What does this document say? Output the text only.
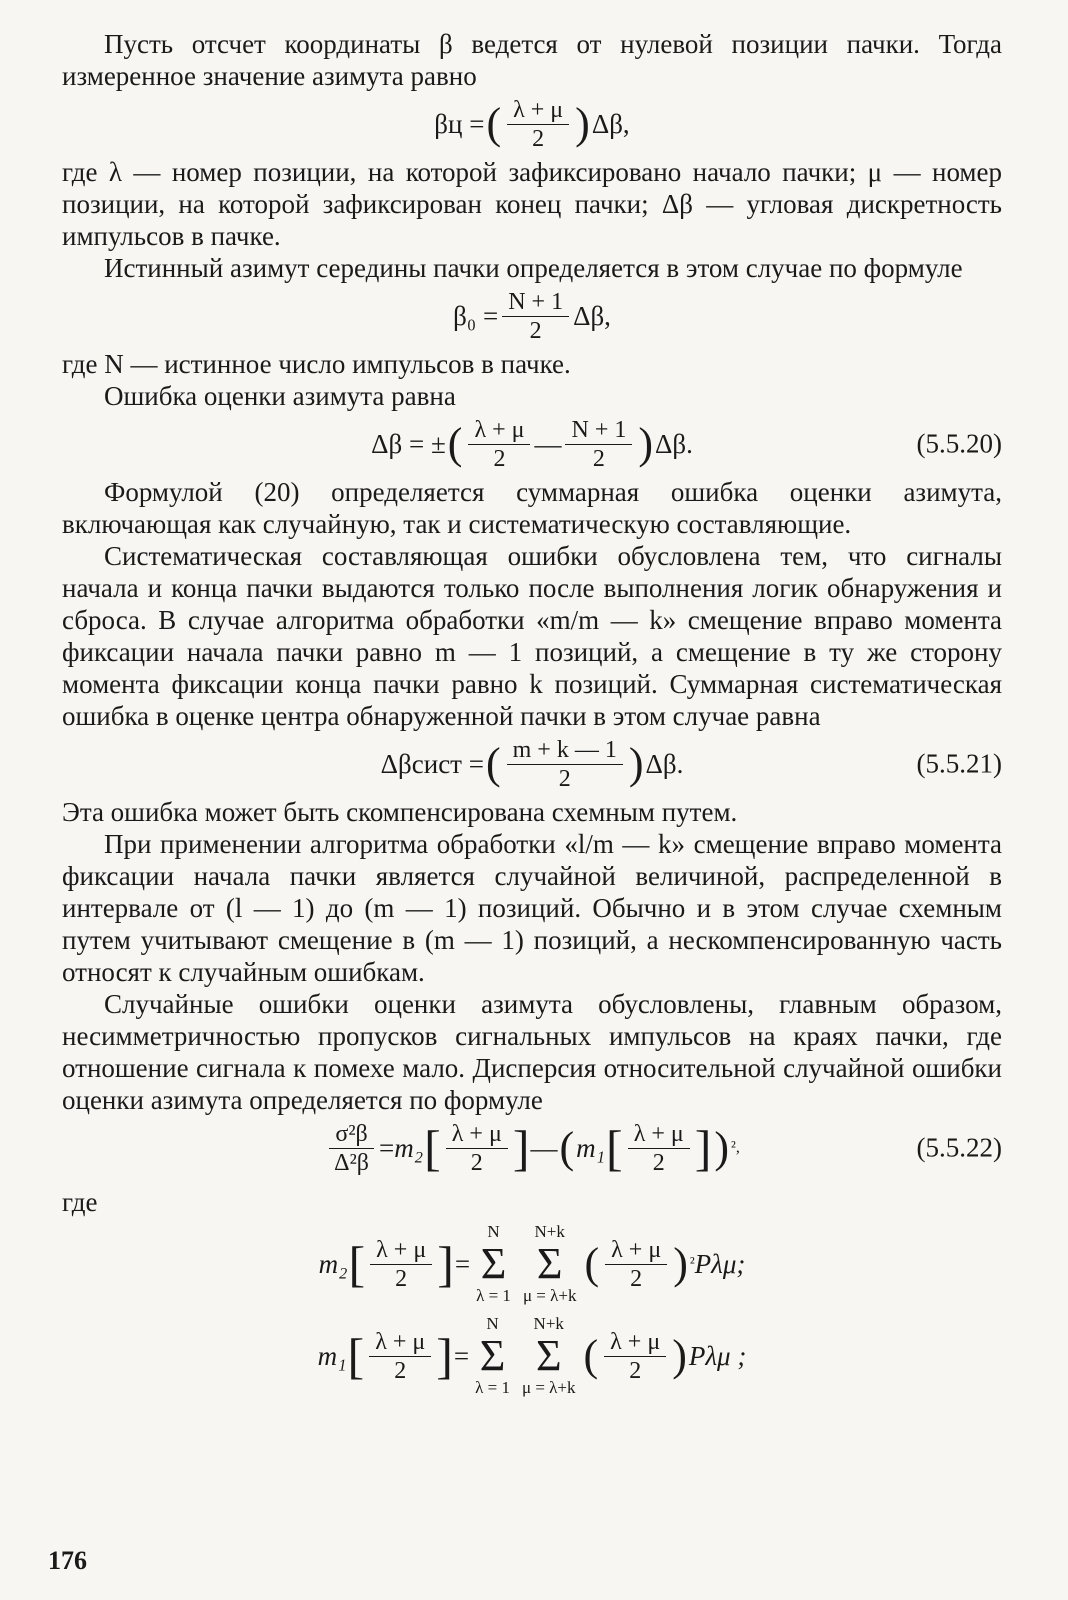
Пусть отсчет координаты β ведется от нулевой позиции пачки. Тогда измеренное значение азимута равно

βц = ( $\frac{\lambda + \mu}{2}$ ) Δβ,

где λ — номер позиции, на которой зафиксировано начало пачки; μ — номер позиции, на которой зафиксирован конец пачки; Δβ — угловая дискретность импульсов в пачке.

Истинный азимут середины пачки определяется в этом случае по формуле

$\beta_0 = \frac{N + 1}{2} \Delta\beta$,

где N — истинное число импульсов в пачке.

Ошибка оценки азимута равна

Δβ = ± ( $\frac{\lambda + \mu}{2}$ — $\frac{N + 1}{2}$ ) Δβ.	(5.5.20)

Формулой (20) определяется суммарная ошибка оценки азимута, включающая как случайную, так и систематическую составляющие.

Систематическая составляющая ошибки обусловлена тем, что сигналы начала и конца пачки выдаются только после выполнения логик обнаружения и сброса. В случае алгоритма обработки «m/m — k» смещение вправо момента фиксации начала пачки равно m — 1 позиций, а смещение в ту же сторону момента фиксации конца пачки равно k позиций. Суммарная систематическая ошибка в оценке центра обнаруженной пачки в этом случае равна

Δβсист = ( $\frac{m + k — 1}{2}$ ) Δβ.	(5.5.21)

Эта ошибка может быть скомпенсирована схемным путем.

При применении алгоритма обработки «l/m — k» смещение вправо момента фиксации начала пачки является случайной величиной, распределенной в интервале от (l — 1) до (m — 1) позиций. Обычно и в этом случае схемным путем учитывают смещение в (m — 1) позиций, а нескомпенсированную часть относят к случайным ошибкам.

Случайные ошибки оценки азимута обусловлены, главным образом, несимметричностью пропусков сигнальных импульсов на краях пачки, где отношение сигнала к помехе мало. Дисперсия относительной случайной ошибки оценки азимута определяется по формуле

$\frac{\text{σ²β}}{\text{Δ²β}} = m_2$ [ $\frac{\lambda + \mu}{2}$ ] — ( m₁ [ $\frac{\lambda + \mu}{2}$ ] ) ²,	(5.5.22)

где

m₂ [ $\frac{\lambda + \mu}{2}$ ] =
N
Σ
λ = 1
N+k
Σ
μ = λ+k
( $\frac{\lambda + \mu}{2}$ ) ² Pλμ;
m₁ [ $\frac{\lambda + \mu}{2}$ ] =
N
Σ
λ = 1
N+k
Σ
μ = λ+k
( $\frac{\lambda + \mu}{2}$ ) Pλμ ;
176
